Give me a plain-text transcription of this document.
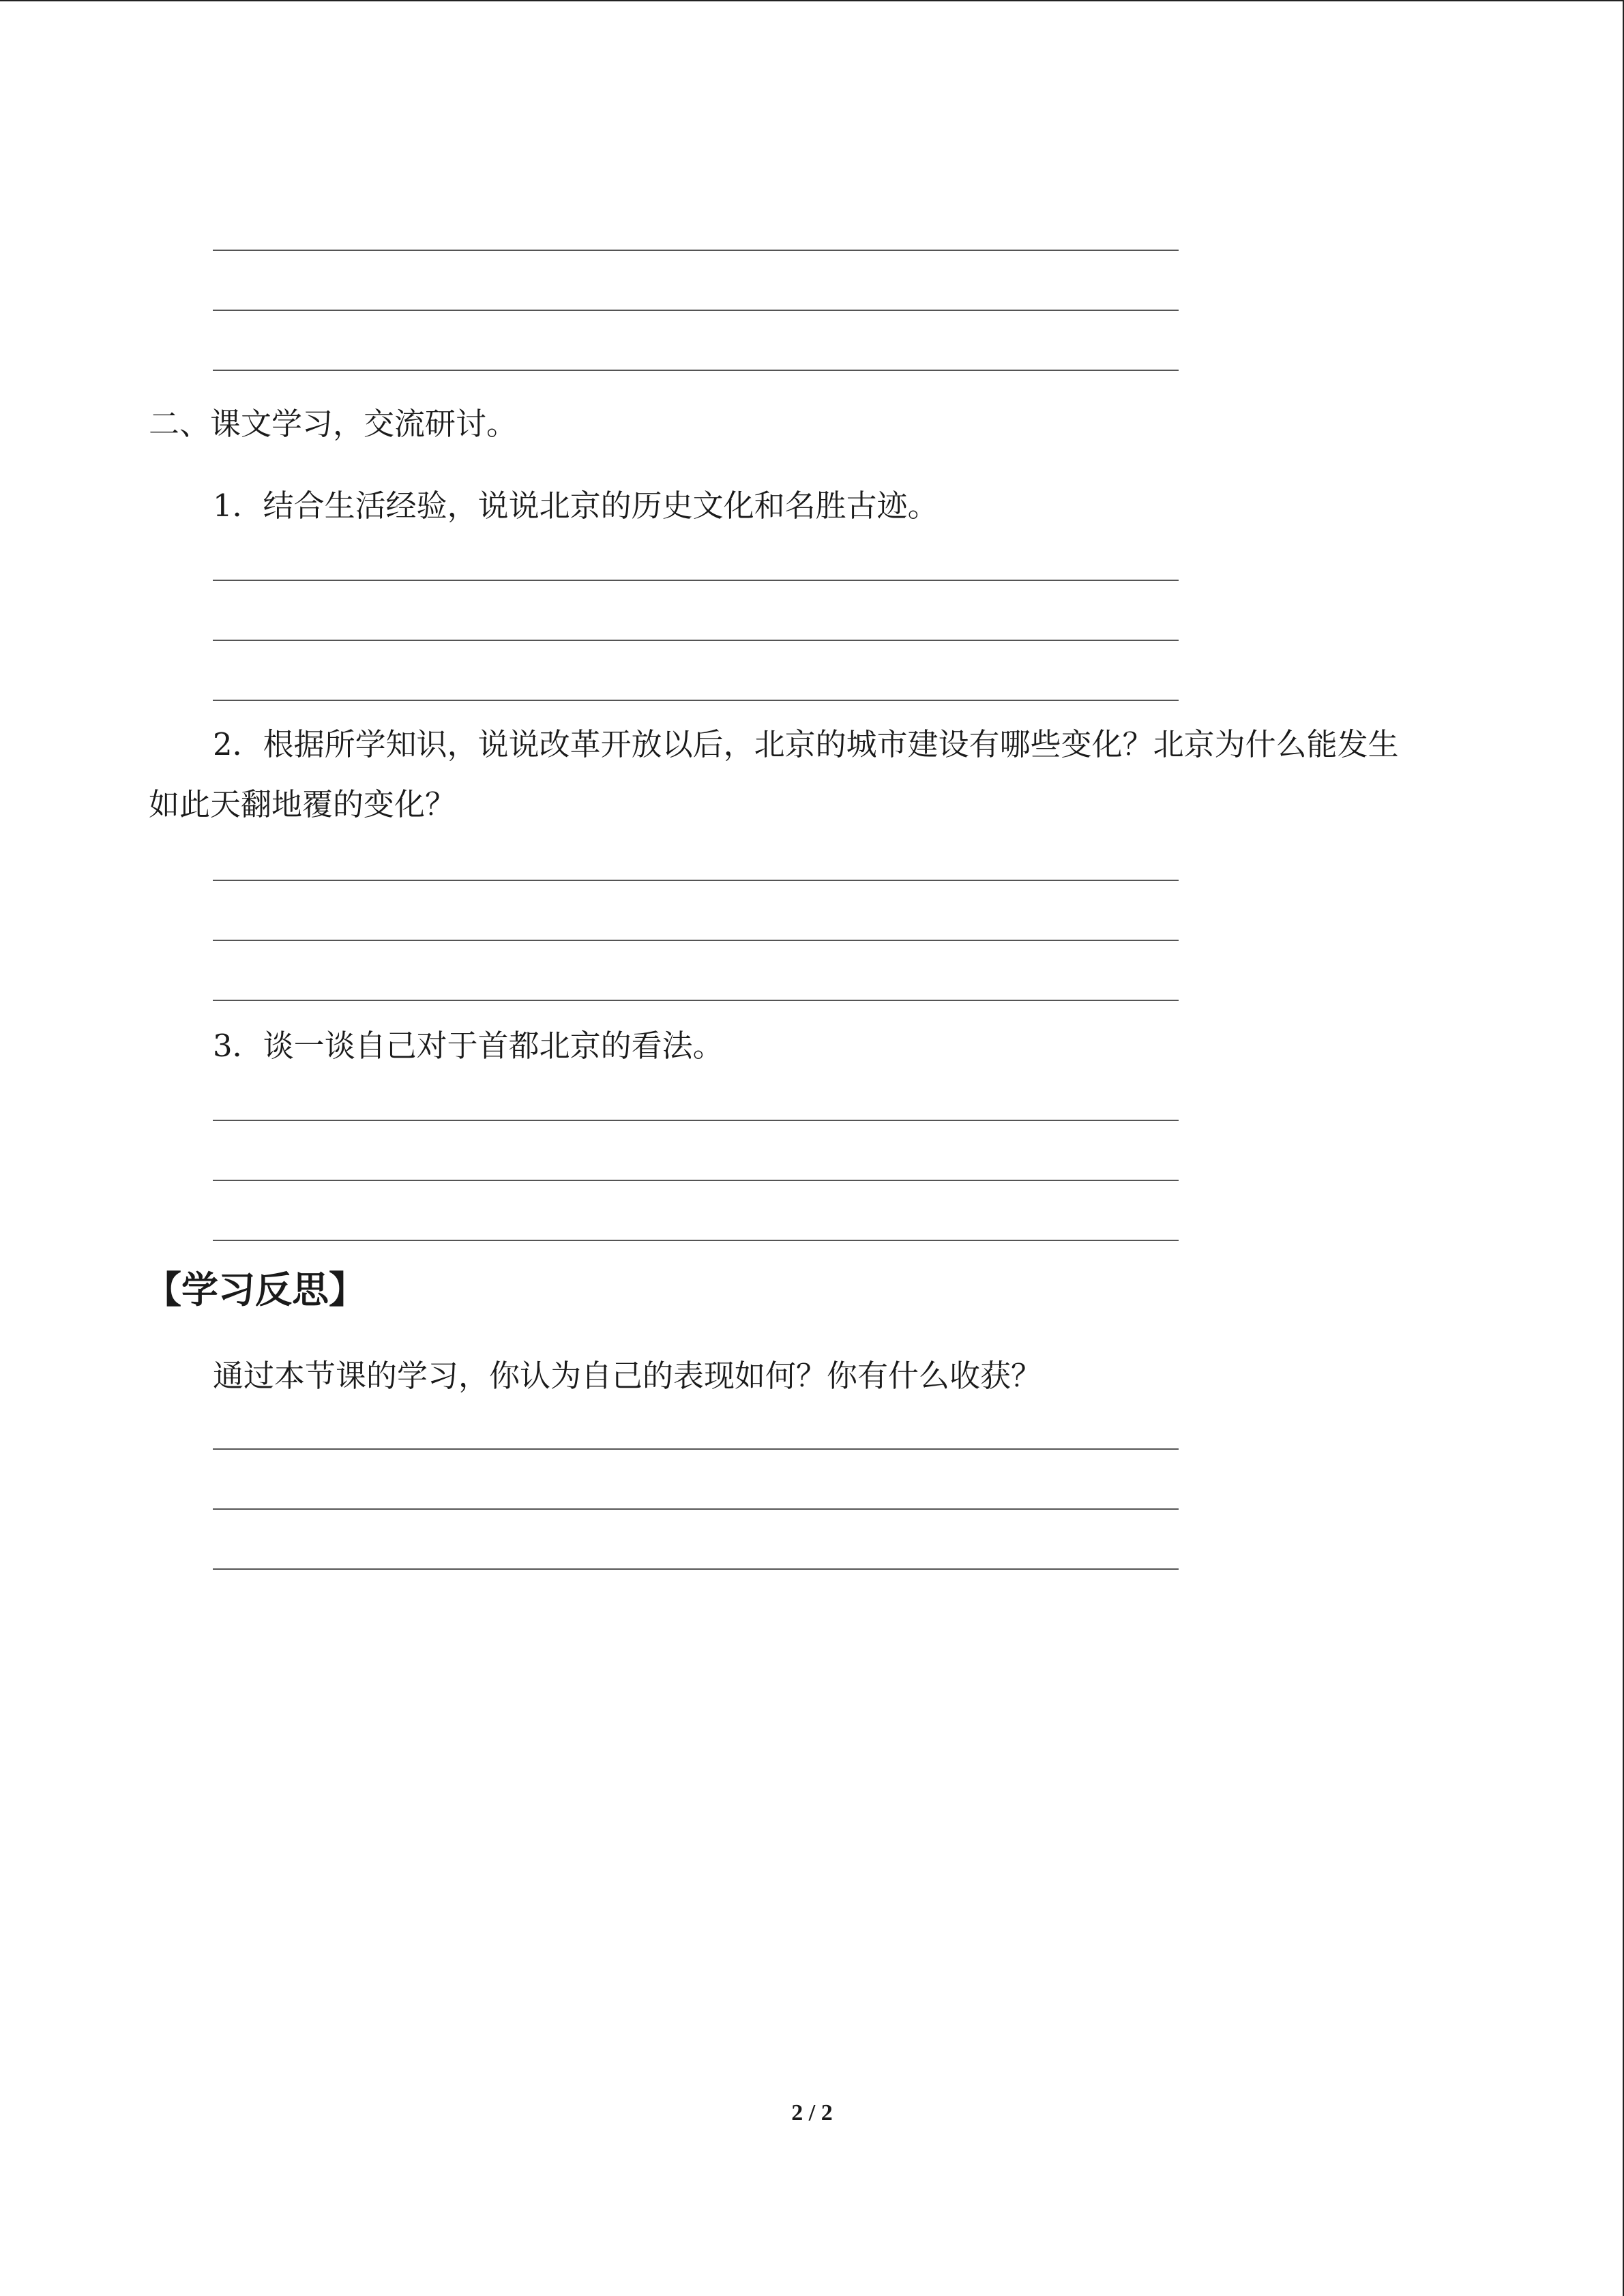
二、课文学习，交流研讨。
1．结合生活经验，说说北京的历史文化和名胜古迹。
2．根据所学知识，说说改革开放以后，北京的城市建设有哪些变化？北京为什么能发生
如此天翻地覆的变化？
3．谈一谈自己对于首都北京的看法。
【学习反思】
通过本节课的学习，你认为自己的表现如何？你有什么收获？
2 / 2
